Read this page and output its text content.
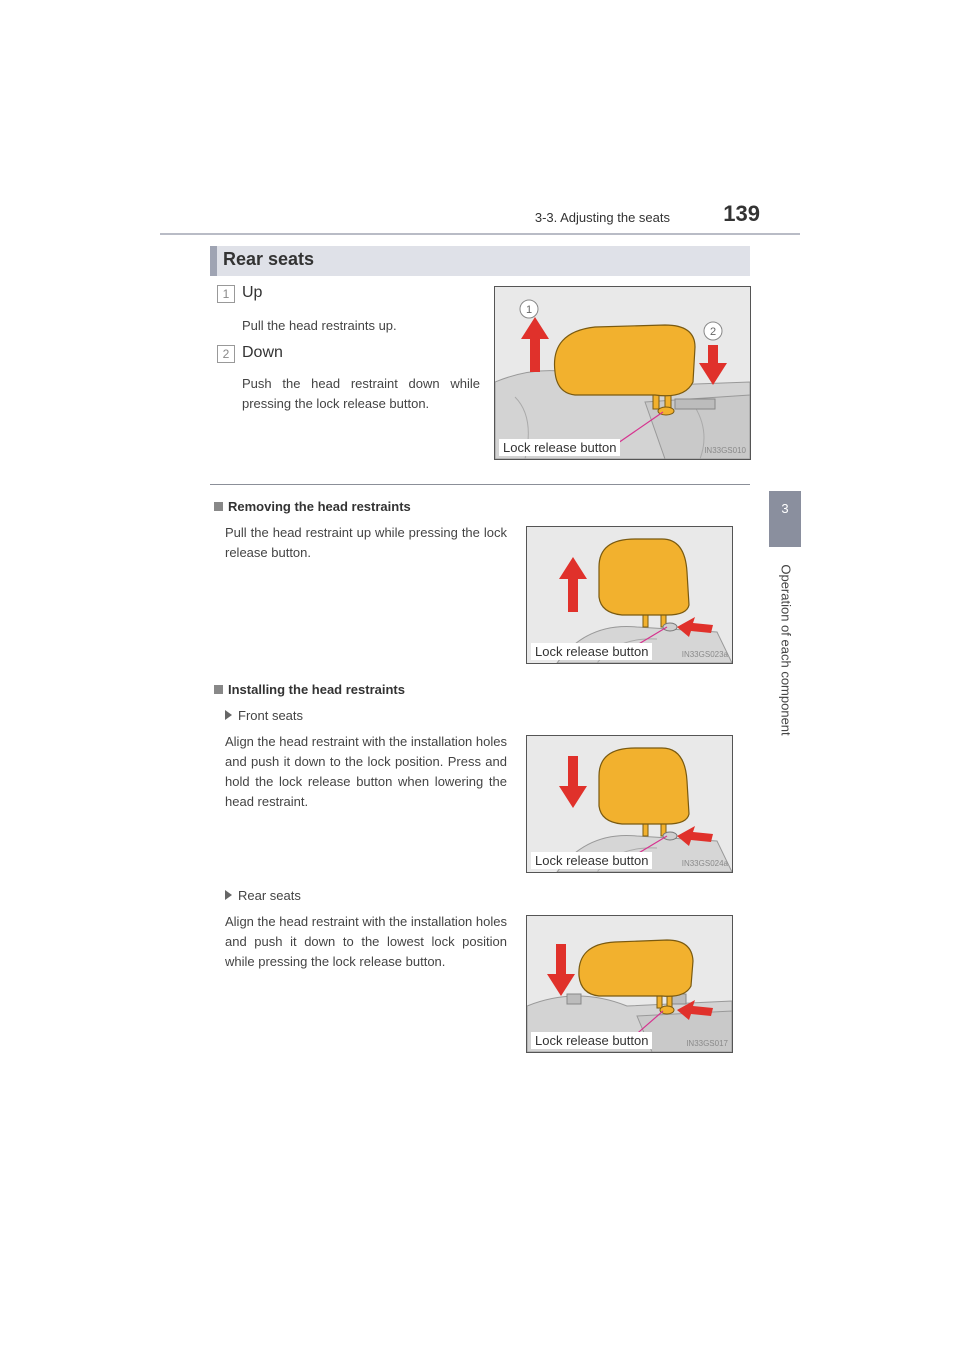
3-3. Adjusting the seats	139
3
Operation of each component
Rear seats
1 Up
Pull the head restraints up.
2 Down
Push the head restraint down while pressing the lock release button.
1
2
Lock release button	IN33GS010
Removing the head restraints
Pull the head restraint up while pressing the lock release button.
Lock release button	IN33GS023a
Installing the head restraints
Front seats
Align the head restraint with the installation holes and push it down to the lock position. Press and hold the lock release button when lowering the head restraint.
Lock release button	IN33GS024a
Rear seats
Align the head restraint with the installation holes and push it down to the lowest lock position while pressing the lock release button.
Lock release button	IN33GS017
